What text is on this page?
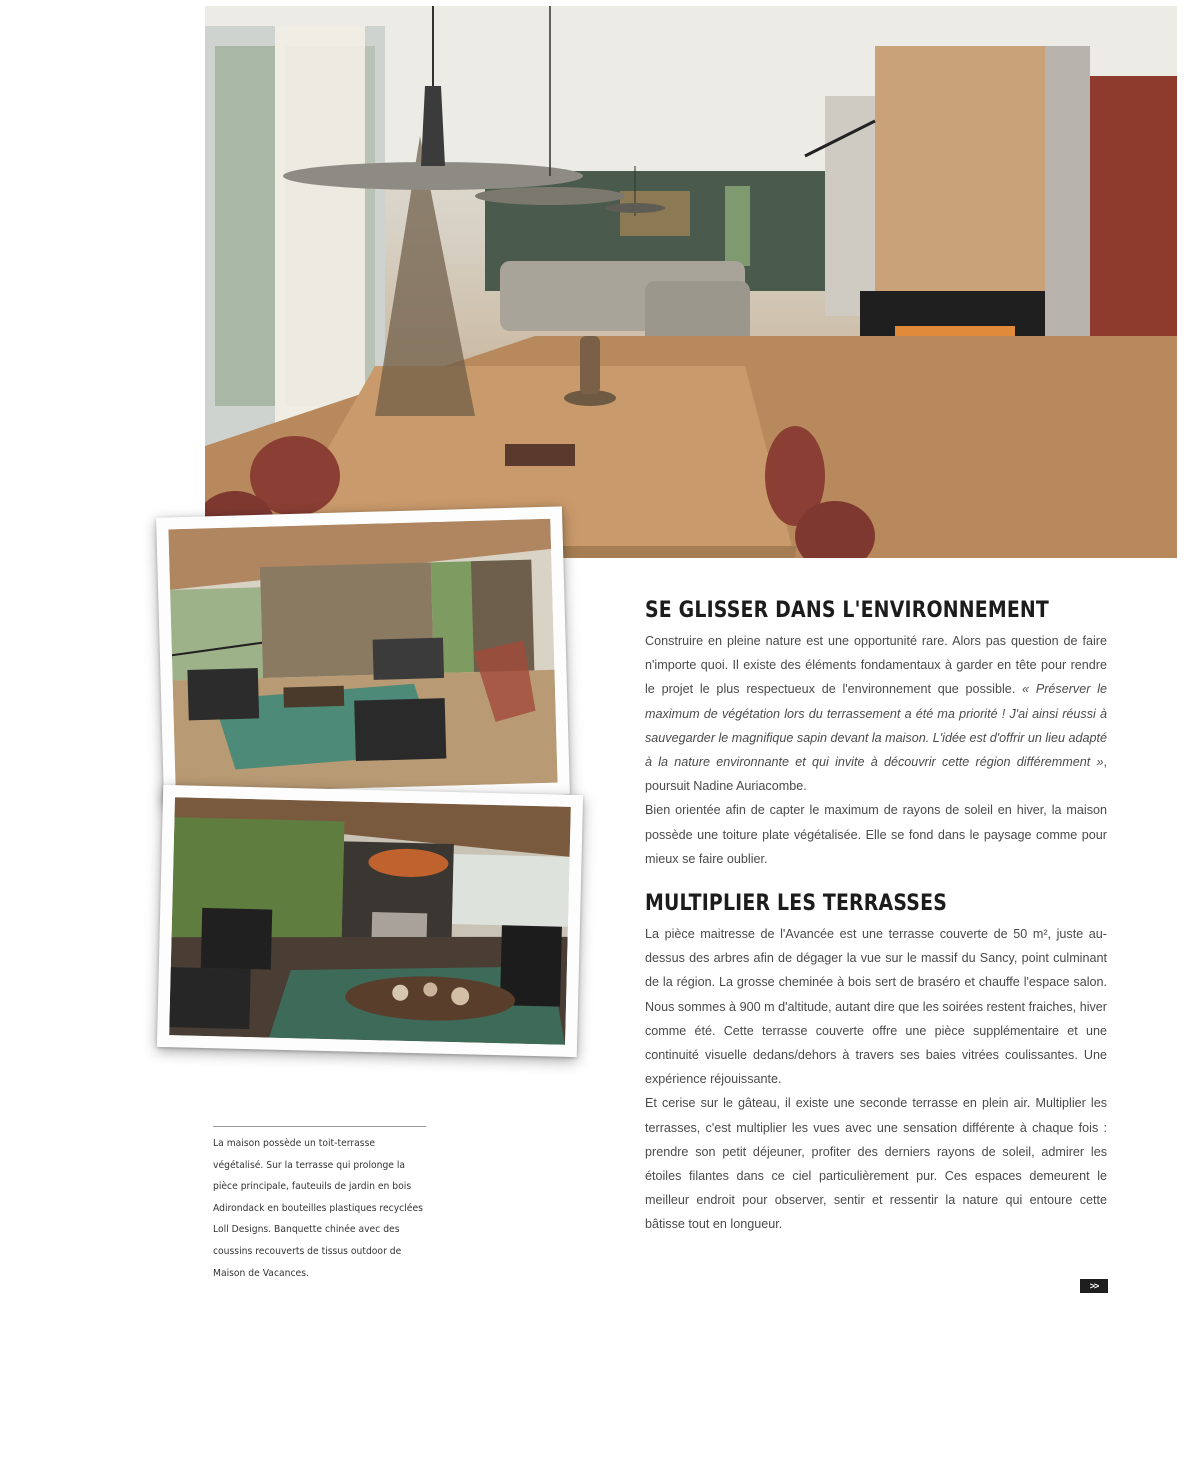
SE GLISSER DANS L'ENVIRONNEMENT

Construire en pleine nature est une opportunité rare. Alors pas question de faire n'importe quoi. Il existe des éléments fondamentaux à garder en tête pour rendre le projet le plus respectueux de l'environnement que possible. « Préserver le maximum de végétation lors du terrassement a été ma priorité ! J'ai ainsi réussi à sauvegarder le magnifique sapin devant la maison. L'idée est d'offrir un lieu adapté à la nature environnante et qui invite à découvrir cette région différemment », poursuit Nadine Auriacombe.

Bien orientée afin de capter le maximum de rayons de soleil en hiver, la maison possède une toiture plate végétalisée. Elle se fond dans le paysage comme pour mieux se faire oublier.

MULTIPLIER LES TERRASSES

La pièce maitresse de l'Avancée est une terrasse couverte de 50 m², juste au-dessus des arbres afin de dégager la vue sur le massif du Sancy, point culminant de la région. La grosse cheminée à bois sert de braséro et chauffe l'espace salon. Nous sommes à 900 m d'altitude, autant dire que les soirées restent fraiches, hiver comme été. Cette terrasse couverte offre une pièce supplémentaire et une continuité visuelle dedans/dehors à travers ses baies vitrées coulissantes. Une expérience réjouissante.

Et cerise sur le gâteau, il existe une seconde terrasse en plein air. Multiplier les terrasses, c'est multiplier les vues avec une sensation différente à chaque fois : prendre son petit déjeuner, profiter des derniers rayons de soleil, admirer les étoiles filantes dans ce ciel particulièrement pur. Ces espaces demeurent le meilleur endroit pour observer, sentir et ressentir la nature qui entoure cette bâtisse tout en longueur.

La maison possède un toit-terrasse végétalisé. Sur la terrasse qui prolonge la pièce principale, fauteuils de jardin en bois Adirondack en bouteilles plastiques recyclées Loll Designs. Banquette chinée avec des coussins recouverts de tissus outdoor de Maison de Vacances.

>>
